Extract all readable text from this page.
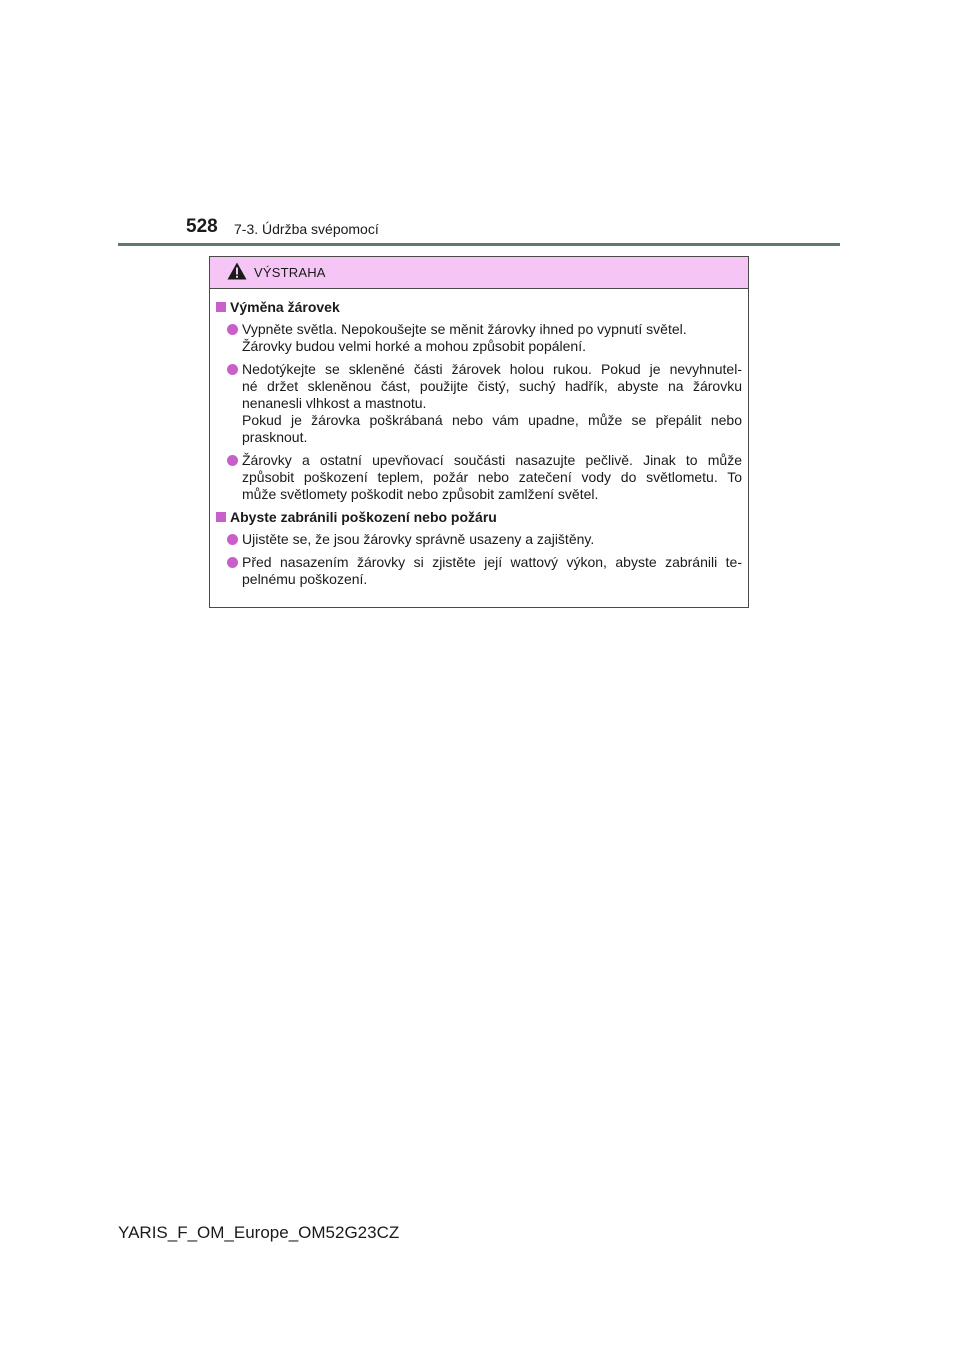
528 7-3. Údržba svépomocí
VÝSTRAHA
Výměna žárovek
Vypněte světla. Nepokoušejte se měnit žárovky ihned po vypnutí světel.
Žárovky budou velmi horké a mohou způsobit popálení.
Nedotýkejte se skleněné části žárovek holou rukou. Pokud je nevyhnutel-
né držet skleněnou část, použijte čistý, suchý hadřík, abyste na žárovku
nenanesli vlhkost a mastnotu.
Pokud je žárovka poškrábaná nebo vám upadne, může se přepálit nebo
prasknout.
Žárovky a ostatní upevňovací součásti nasazujte pečlivě. Jinak to může
způsobit poškození teplem, požár nebo zatečení vody do světlometu. To
může světlomety poškodit nebo způsobit zamlžení světel.
Abyste zabránili poškození nebo požáru
Ujistěte se, že jsou žárovky správně usazeny a zajištěny.
Před nasazením žárovky si zjistěte její wattový výkon, abyste zabránili te-
pelnému poškození.
YARIS_F_OM_Europe_OM52G23CZ
